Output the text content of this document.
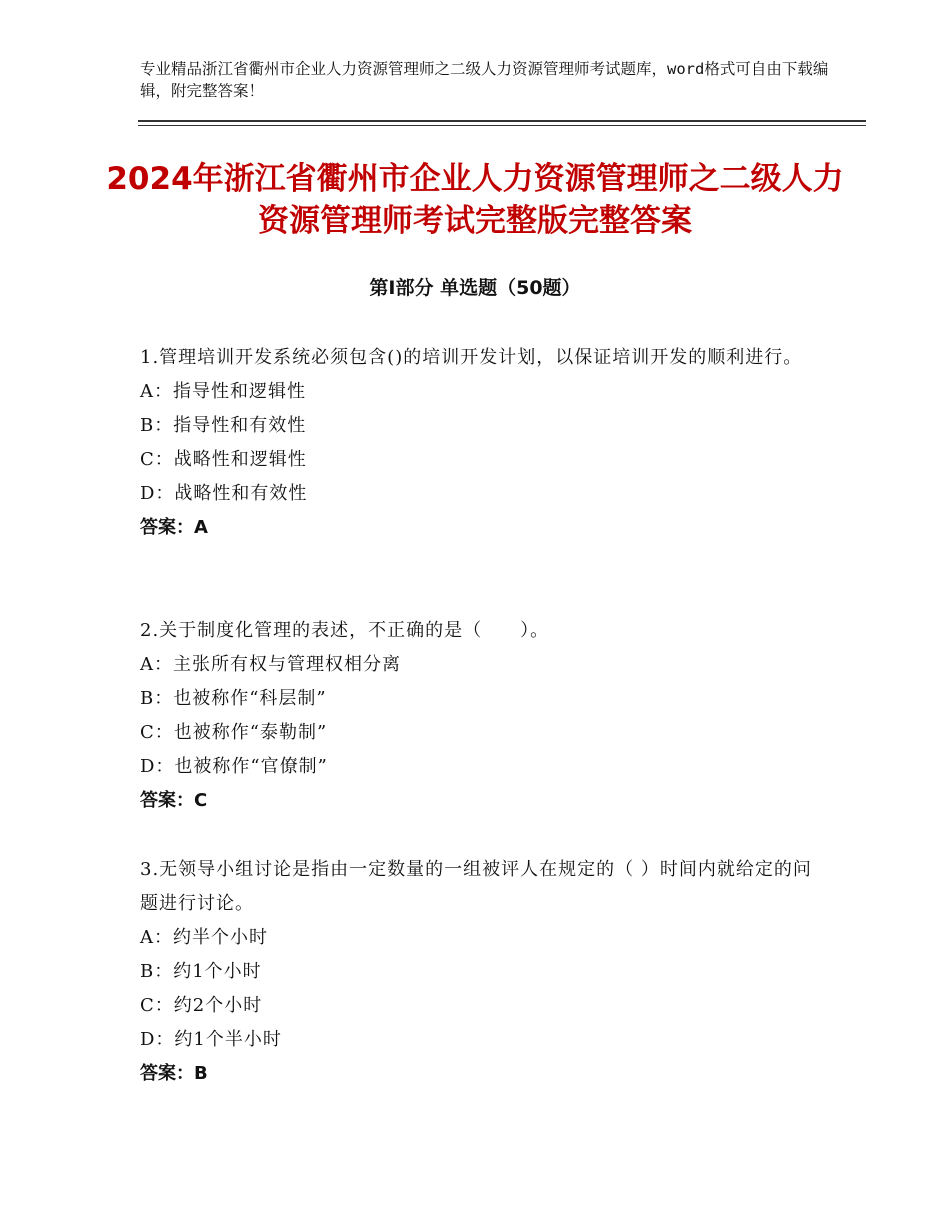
专业精品浙江省衢州市企业人力资源管理师之二级人力资源管理师考试题库，word格式可自由下载编辑，附完整答案！
2024年浙江省衢州市企业人力资源管理师之二级人力资源管理师考试完整版完整答案
第Ⅰ部分 单选题（50题）
1.管理培训开发系统必须包含()的培训开发计划，以保证培训开发的顺利进行。
A：指导性和逻辑性
B：指导性和有效性
C：战略性和逻辑性
D：战略性和有效性
答案：A
2.关于制度化管理的表述，不正确的是（　　）。
A：主张所有权与管理权相分离
B：也被称作“科层制”
C：也被称作“泰勒制”
D：也被称作“官僚制”
答案：C
3.无领导小组讨论是指由一定数量的一组被评人在规定的（ ）时间内就给定的问题进行讨论。
A：约半个小时
B：约1个小时
C：约2个小时
D：约1个半小时
答案：B
